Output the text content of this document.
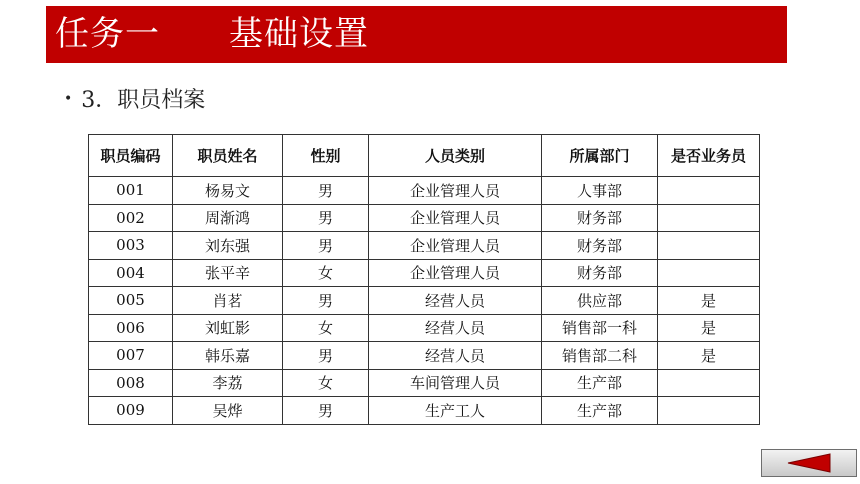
任务一 基础设置
• 3．职员档案
职员编码	职员姓名	性别	人员类别	所属部门	是否业务员
001	杨易文	男	企业管理人员	人事部	
002	周渐鸿	男	企业管理人员	财务部	
003	刘东强	男	企业管理人员	财务部	
004	张平辛	女	企业管理人员	财务部	
005	肖茗	男	经营人员	供应部	是
006	刘虹影	女	经营人员	销售部一科	是
007	韩乐嘉	男	经营人员	销售部二科	是
008	李荔	女	车间管理人员	生产部	
009	吴烨	男	生产工人	生产部	
